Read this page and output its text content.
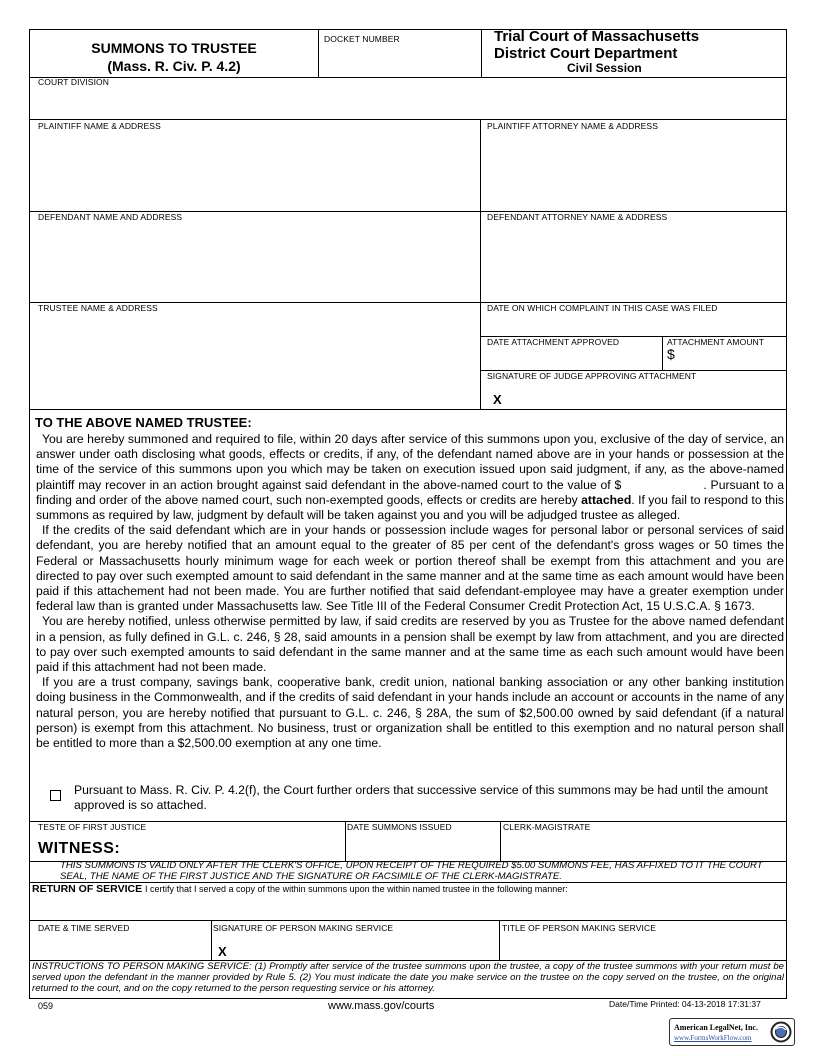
SUMMONS TO TRUSTEE
(Mass. R. Civ. P. 4.2)
DOCKET NUMBER	Trial Court of Massachusetts
District Court Department
Civil Session
COURT DIVISION
PLAINTIFF NAME & ADDRESS	PLAINTIFF ATTORNEY NAME & ADDRESS
DEFENDANT NAME AND ADDRESS	DEFENDANT ATTORNEY NAME & ADDRESS
TRUSTEE NAME & ADDRESS	DATE ON WHICH COMPLAINT IN THIS CASE WAS FILED
DATE ATTACHMENT APPROVED	ATTACHMENT AMOUNT
$
SIGNATURE OF JUDGE APPROVING ATTACHMENT
X
TO THE ABOVE NAMED TRUSTEE:

You are hereby summoned and required to file, within 20 days after service of this summons upon you, exclusive of the day of service, an answer under oath disclosing what goods, effects or credits, if any, of the defendant named above are in your hands or possession at the time of the service of this summons upon you which may be taken on execution issued upon said judgment, if any, as the above-named plaintiff may recover in an action brought against said defendant in the above-named court to the value of $	. Pursuant to a finding and order of the above named court, such non-exempted goods, effects or credits are hereby attached. If you fail to respond to this summons as required by law, judgment by default will be taken against you and you will be adjudged trustee as alleged.

If the credits of the said defendant which are in your hands or possession include wages for personal labor or personal services of said defendant, you are hereby notified that an amount equal to the greater of 85 per cent of the defendant's gross wages or 50 times the Federal or Massachusetts hourly minimum wage for each week or portion thereof shall be exempt from this attachment and you are directed to pay over such exempted amount to said defendant in the same manner and at the same time as each amount would have been paid if this attachement had not been made. You are further notified that said defendant-employee may have a greater exemption under federal law than is granted under Massachusetts law. See Title III of the Federal Consumer Credit Protection Act, 15 U.S.C.A. § 1673.

You are hereby notified, unless otherwise permitted by law, if said credits are reserved by you as Trustee for the above named defendant in a pension, as fully defined in G.L. c. 246, § 28, said amounts in a pension shall be exempt by law from attachment, and you are directed to pay over such exempted amounts to said defendant in the same manner and at the same time as each such amount would have been paid if this attachment had not been made.

If you are a trust company, savings bank, cooperative bank, credit union, national banking association or any other banking institution doing business in the Commonwealth, and if the credits of said defendant in your hands include an account or accounts in the name of any natural person, you are hereby notified that pursuant to G.L. c. 246, § 28A, the sum of $2,500.00 owned by said defendant (if a natural person) is exempt from this attachment. No business, trust or organization shall be entitled to this exemption and no natural person shall be entitled to more than a $2,500.00 exemption at any one time.

Pursuant to Mass. R. Civ. P. 4.2(f), the Court further orders that successive service of this summons may be had until the amount approved is so attached.
TESTE OF FIRST JUSTICE
WITNESS:
DATE SUMMONS ISSUED	CLERK-MAGISTRATE
THIS SUMMONS IS VALID ONLY AFTER THE CLERK'S OFFICE, UPON RECEIPT OF THE REQUIRED $5.00 SUMMONS FEE, HAS AFFIXED TO IT THE COURT SEAL, THE NAME OF THE FIRST JUSTICE AND THE SIGNATURE OR FACSIMILE OF THE CLERK-MAGISTRATE.
RETURN OF SERVICE I certify that I served a copy of the within summons upon the within named trustee in the following manner:
DATE & TIME SERVED	SIGNATURE OF PERSON MAKING SERVICE
X
TITLE OF PERSON MAKING SERVICE
INSTRUCTIONS TO PERSON MAKING SERVICE: (1) Promptly after service of the trustee summons upon the trustee, a copy of the trustee summons with your return must be served upon the defendant in the manner provided by Rule 5. (2) You must indicate the date you make service on the trustee on the copy served on the trustee, on the original returned to the court, and on the copy returned to the person requesting service or his attorney.
059	www.mass.gov/courts	Date/Time Printed: 04-13-2018 17:31:37
American LegalNet, Inc.
www.FormsWorkFlow.com
